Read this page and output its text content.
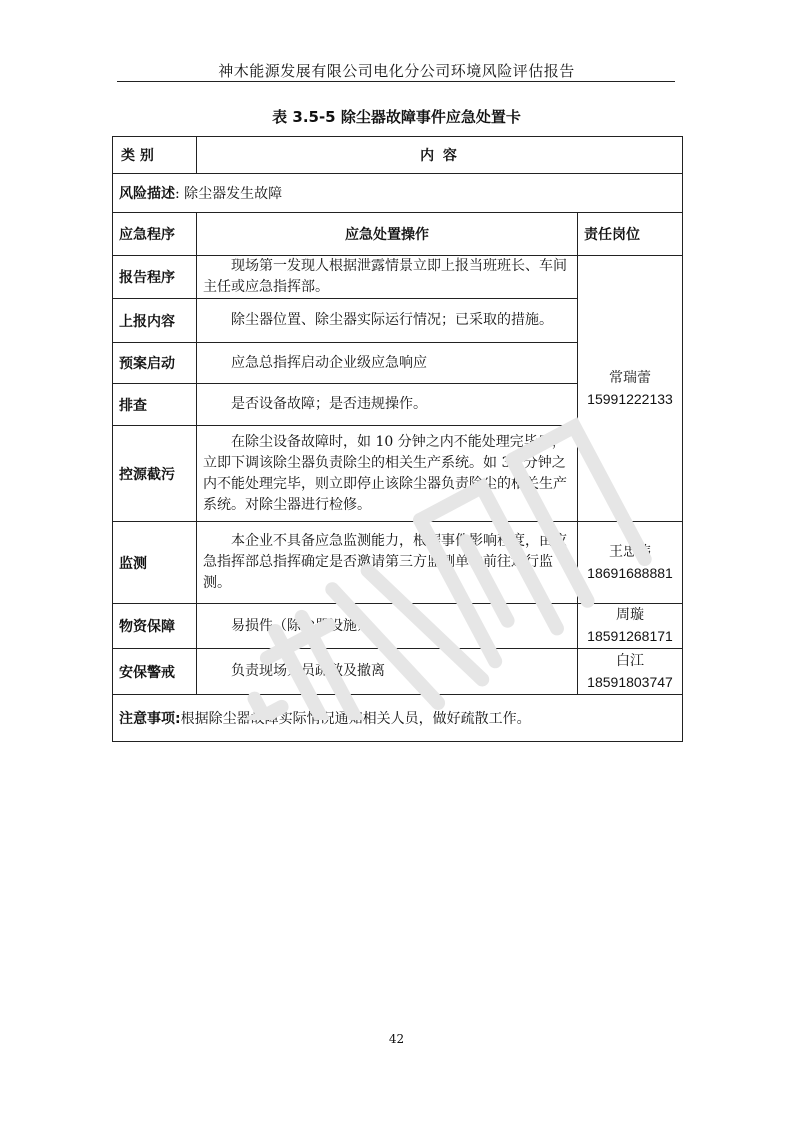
神木能源发展有限公司电化分公司环境风险评估报告
表 3.5-5 除尘器故障事件应急处置卡
类 别	内 容	
风险描述: 除尘器发生故障		
应急程序	应急处置操作	责任岗位
报告程序	现场第一发现人根据泄露情景立即上报当班班长、车间主任或应急指挥部。	常瑞蕾
15991222133

上报内容	除尘器位置、除尘器实际运行情况；已采取的措施。	

预案启动	应急总指挥启动企业级应急响应	

排查	是否设备故障；是否违规操作。	

控源截污	在除尘设备故障时，如 10 分钟之内不能处理完毕后，立即下调该除尘器负责除尘的相关生产系统。如 30 分钟之内不能处理完毕，则立即停止该除尘器负责除尘的相关生产系统。对除尘器进行检修。	

监测	本企业不具备应急监测能力，根据事件影响程度，由应急指挥部总指挥确定是否邀请第三方监测单位前往进行监测。	王忠伟
18691688881

物资保障	易损件（除尘器设施）	周璇
18591268171

安保警戒	负责现场人员疏散及撤离	白江
18591803747

注意事项:根据除尘器故障实际情况通知相关人员，做好疏散工作。		
42
